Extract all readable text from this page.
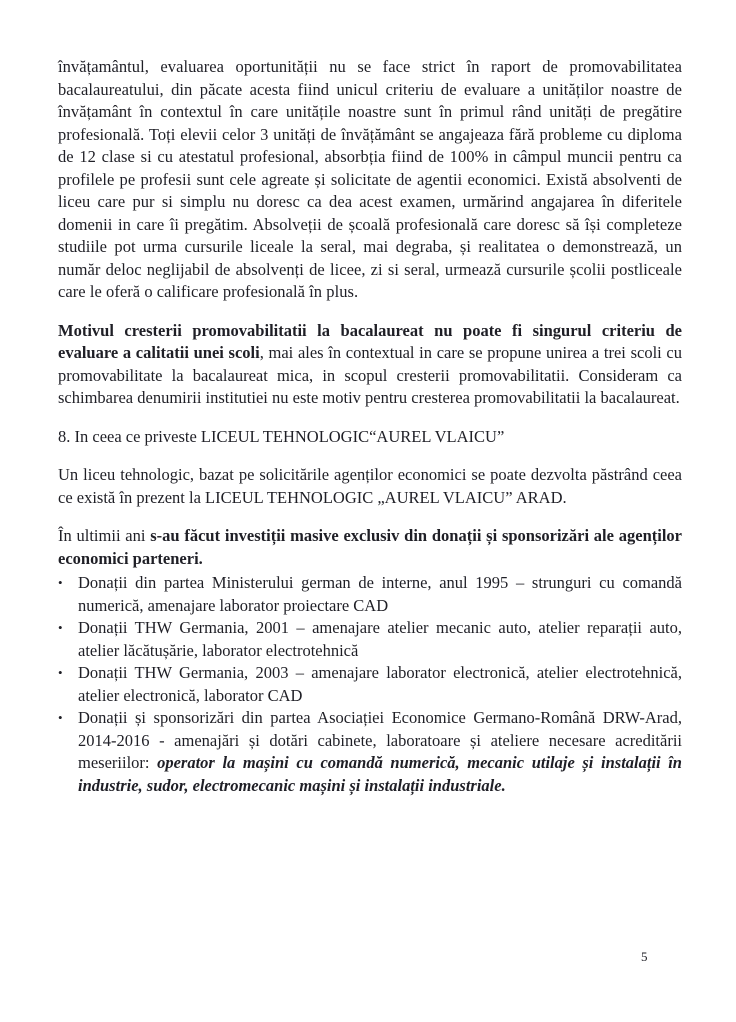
învățamântul, evaluarea oportunității nu se face strict în raport de promovabilitatea bacalaureatului, din păcate acesta fiind unicul criteriu de evaluare a unităților noastre de învățamânt în contextul în care unitățile noastre sunt în primul rând unități de pregătire profesională. Toți elevii celor 3 unități de învățământ se angajeaza fără probleme cu diploma de 12 clase si cu atestatul profesional, absorbția fiind de 100% in câmpul muncii pentru ca profilele pe profesii sunt cele agreate și solicitate de agentii economici. Există absolventi de liceu care pur si simplu nu doresc ca dea acest examen, urmărind angajarea în diferitele domenii in care îi pregătim. Absolveții de școală profesională care doresc să își completeze studiile pot urma cursurile liceale la seral, mai degraba, și realitatea o demonstrează, un număr deloc neglijabil de absolvenți de licee, zi si seral, urmează cursurile școlii postliceale care le oferă o calificare profesională în plus.

Motivul cresterii promovabilitatii la bacalaureat nu poate fi singurul criteriu de evaluare a calitatii unei scoli, mai ales în contextual in care se propune unirea a trei scoli cu promovabilitate la bacalaureat mica, in scopul cresterii promovabilitatii. Consideram ca schimbarea denumirii institutiei nu este motiv pentru cresterea promovabilitatii la bacalaureat.

8. In ceea ce priveste LICEUL TEHNOLOGIC“AUREL VLAICU”

Un liceu tehnologic, bazat pe solicitările agenților economici se poate dezvolta păstrând ceea ce există în prezent la LICEUL TEHNOLOGIC „AUREL VLAICU” ARAD.

În ultimii ani s-au făcut investiții masive exclusiv din donații și sponsorizări ale agenților economici parteneri.

• Donații din partea Ministerului german de interne, anul 1995 – strunguri cu comandă numerică, amenajare laborator proiectare CAD
• Donații THW Germania, 2001 – amenajare atelier mecanic auto, atelier reparații auto, atelier lăcătușărie, laborator electrotehnică
• Donații THW Germania, 2003 – amenajare laborator electronică, atelier electrotehnică, atelier electronică, laborator CAD
• Donații și sponsorizări din partea Asociației Economice Germano-Română DRW-Arad, 2014-2016 - amenajări și dotări cabinete, laboratoare și ateliere necesare acreditării meseriilor: operator la mașini cu comandă numerică, mecanic utilaje și instalații în industrie, sudor, electromecanic mașini și instalații industriale.
5
